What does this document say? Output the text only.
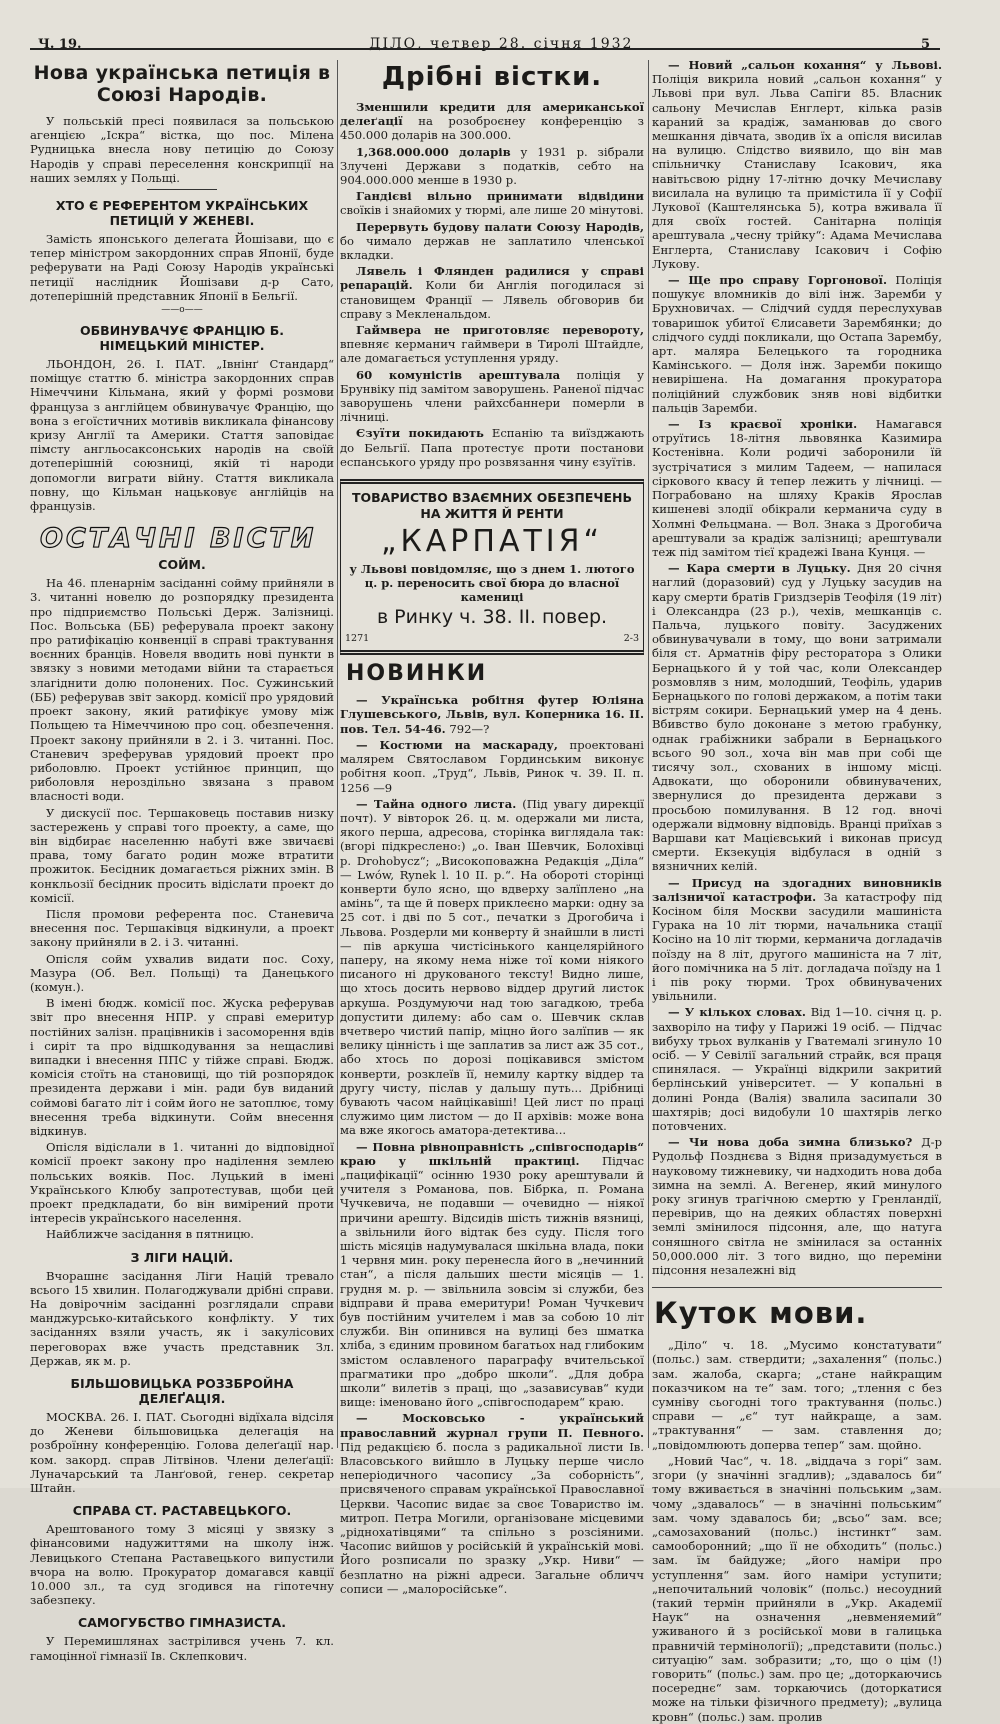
Ч. 19.	ДІЛО, четвер 28. січня 1932	5
Нова українська петиція в Союзі Народів.

У польській пресі появилася за польською агенцією „Іскра“ вістка, що пос. Мілена Рудницька внесла нову петицію до Союзу Народів у справі переселення конскрипції на наших землях у Польщі.

ХТО Є РЕФЕРЕНТОМ УКРАЇНСЬКИХ ПЕТИЦІЙ У ЖЕНЕВІ.

Замість японського делегата Йошізави, що є тепер міністром закордонних справ Японії, буде реферувати на Раді Союзу Народів українські петиції наслідник Йошізави д-р Сато, дотеперішній представник Японії в Бельгії.

——o——
ОБВИНУВАЧУЄ ФРАНЦІЮ Б. НІМЕЦЬКИЙ МІНІСТЕР.

ЛЬОНДОН, 26. І. ПАТ. „Івнінґ Стандард“ поміщує статтю б. міністра закордонних справ Німеччини Кільмана, який у формі розмови француза з англійцем обвинувачує Францію, що вона з егоїстичних мотивів викликала фінансову кризу Англії та Америки. Стаття заповідає пімсту англьосаксонських народів на своїй дотеперішній союзниці, якій ті народи допомогли виграти війну. Стаття викликала повну, що Кільман нацьковує англійців на французів.

ОСТАЧНІ ВІСТИ
СОЙМ.

На 46. пленарнім засіданні сойму прийняли в 3. читанні новелю до розпорядку президента про підприємство Польські Держ. Залізниці. Пос. Вольська (ББ) реферувала проект закону про ратифікацію конвенції в справі трактування воєнних бранців. Новеля вводить нові пункти в звязку з новими методами війни та старається злагіднити долю полонених. Пос. Сужинський (ББ) реферував звіт закорд. комісії про урядовий проект закону, який ратифікує умову між Польщею та Німеччиною про соц. обезпечення. Проект закону прийняли в 2. і 3. читанні. Пос. Станевич зреферував урядовий проект про риболовлю. Проект устійнює принцип, що риболовля нероздільно звязана з правом власності води.

У дискусії пос. Тершаковець поставив низку застережень у справі того проекту, а саме, що він відбирає населенню набуті вже звичаєві права, тому багато родин може втратити прожиток. Бесідник домагається ріжних змін. В конкльозії бесідник просить відіслати проект до комісії.

Після промови референта пос. Станевича внесення пос. Тершаківця відкинули, а проект закону прийняли в 2. і 3. читанні.

Опісля сойм ухвалив видати пос. Соху, Мазура (Об. Вел. Польщі) та Данецького (комун.).

В імені бюдж. комісії пос. Жуска реферував звіт про внесення НПР. у справі емеритур постійних залізн. працівників і засоморення вдів і сиріт та про відшкодування за нещасливі випадки і внесення ППС у тійже справі. Бюдж. комісія стоїть на становищі, що тій розпорядок президента держави і мін. ради був виданий соймові багато літ і сойм його не затоплює, тому внесення треба відкинути. Сойм внесення відкинув.

Опісля відіслали в 1. читанні до відповідної комісії проект закону про наділення землею польських вояків. Пос. Луцький в імені Українського Клюбу запротестував, щоби цей проект предкладати, бо він вимірений проти інтересів українського населення.

Найближче засідання в пятницю.

З ЛІГИ НАЦІЙ.

Вчорашнє засідання Ліги Націй тревало всього 15 хвилин. Полагоджували дрібні справи. На довірочнім засіданні розглядали справи манджурсько-китайського конфлікту. У тих засіданнях взяли участь, як і закулісових переговорах вже участь представник Зл. Держав, як м. р.

БІЛЬШОВИЦЬКА РОЗЗБРОЙНА ДЕЛЕҐАЦІЯ.

МОСКВА. 26. І. ПАТ. Сьогодні відїхала відсіля до Женеви більшовицька делегація на розброїнну конференцію. Голова делеґації нар. ком. закорд. справ Літвінов. Члени делеґації: Луначарський та Ланґовой, генер. секретар Штайн.

СПРАВА СТ. РАСТАВЕЦЬКОГО.

Арештованого тому 3 місяці у звязку з фінансовими надужиттями на школу інж. Левицького Степана Раставецького випустили вчора на волю. Прокуратор домагався кавції 10.000 зл., та суд згодився на гіпотечну забезпеку.

САМОГУБСТВО ГІМНАЗИСТА.

У Перемишлянах застрілився учень 7. кл. гамоцінної гімназії Ів. Склепкович.

Дрібні вістки.

Зменшили кредити для американської делеґації на розоброєнеу конференцію з 450.000 доларів на 300.000.

1,368.000.000 доларів у 1931 р. зібрали Злучені Держави з податків, себто на 904.000.000 менше в 1930 р.

Гандієві вільно принимати відвідини своїків і знайомих у тюрмі, але лише 20 мінутові.

Перервуть будову палати Союзу Народів, бо чимало держав не заплатило членської вкладки.

Лявель і Флянден радилися у справі репарацій. Коли би Англія погодилася зі становищем Франції — Лявель обговорив би справу з Мекленальдом.

Гаймвера не приготовляє перевороту, впевняє керманич гаймвери в Тиролі Штайдле, але домагається уступлення уряду.

60 комуністів арештувала поліція у Брунвіку під замітом заворушень. Раненої підчас заворушень члени райхсбаннери померли в лічниці.

Єзуїти покидають Еспанію та виїзджають до Бельгії. Папа протестує проти постанови еспанського уряду про розвязання чину єзуїтів.

ТОВАРИСТВО ВЗАЄМНИХ ОБЕЗПЕЧЕНЬ НА ЖИТТЯ Й РЕНТИ
„КАРПАТІЯ“
у Львові повідомляє, що з днем 1. лютого ц. р. переносить свої бюра до власної камениці
в Ринку ч. 38. II. повер.
1271	2-3
НОВИНКИ

— Українська робітня футер Юліяна Глушевського, Львів, вул. Коперника 16. II. пов. Тел. 54-46. 792—?

— Костюми на маскараду, проектовані малярем Святославом Гординським виконує робітня кооп. „Труд“, Львів, Ринок ч. 39. II. п. 1256 —9

— Тайна одного листа. (Під увагу дирекції почт). У вівторок 26. ц. м. одержали ми листа, якого перша, адресова, сторінка виглядала так: (вгорі підкреслено:) „о. Іван Шевчик, Болохівці p. Drohobycz“; „Високоповажна Редакція „Діла“ — Lwów, Rynek l. 10 II. p.“. На обороті сторінці конверти було ясно, що вдверху залїплено „на амінь“, та ще й поверх приклеєно марки: одну за 25 сот. і дві по 5 сот., печатки з Дрогобича і Львова. Роздерли ми конверту й знайшли в листі — пів аркуша чистісінького канцелярійного паперу, на якому нема ніже тої коми ніякого писаного ні друкованого тексту! Видно лише, що хтось досить нервово віддер другий листок аркуша. Роздумуючи над тою загадкою, треба допустити дилему: або сам о. Шевчик склав вчетверо чистий папір, міцно його залїпив — як велику цінність і ще заплатив за лист аж 35 сот., або хтось по дорозі поцікавився змістом конверти, розклеїв її, немилу картку віддер та другу чисту, післав у дальшу путь... Дрібниці бувають часом найцікавіші! Цей лист по праці служимо цим листом — до II архівів: може вона ма вже якогось аматора-детектива...

— Повна рівноправність „співгосподарів“ краю у шкільній практиці. Підчас „пацифікації“ осінню 1930 року арештували й учителя з Романова, пов. Бібрка, п. Романа Чучкевича, не подавши — очевидно — ніякої причини арешту. Відсидів шість тижнів вязниці, а звільнили його відтак без суду. Після того шість місяців надумувалася шкільна влада, поки 1 червня мин. року перенесла його в „нечинний стан“, а після дальших шести місяців — 1. грудня м. р. — звільнила зовсім зі служби, без відправи й права емеритури! Роман Чучкевич був постійним учителем і мав за собою 10 літ служби. Він опинився на вулиці без шматка хліба, з єдиним провином багатьох над глибоким змістом ославленого параграфу вчительської прагматики про „добро школи“. „Для добра школи“ вилетів з праці, що „зазависував“ куди вище: іменовано його „співгосподарем“ краю.

— Московсько - український православний журнал групи П. Певного. Під редакцією б. посла з радикальної листи Ів. Власовського вийшло в Луцьку перше число неперіодичного часопису „За соборність“, присвяченого справам української Православної Церкви. Часопис видає за своє Товариство ім. митроп. Петра Могили, організоване місцевими „ріднохатівцями“ та спільно з розсіяними. Часопис вийшов у російській й українській мові. Його розписали по зразку „Укр. Ниви“ — безплатно на ріжні адреси. Загальне обличч сописи — „малоросійське“.

— Новий „сальон кохання“ у Львові. Поліція викрила новий „сальон кохання“ у Львові при вул. Льва Сапіги 85. Власник сальону Мечислав Енглерт, кілька разів караний за крадіж, заманював до свого мешкання дівчата, зводив їх а опісля висилав на вулицю. Слідство виявило, що він мав спільничку Станиславу Ісакович, яка навітьсвою рідну 17-літню дочку Мечиславу висилала на вулицю та примістила її у Софії Лукової (Каштелянська 5), котра вживала її для своїх гостей. Санітарна поліція арештувала „чесну трійку“: Адама Мечислава Енглерта, Станиславу Ісакович і Софію Лукову.

— Ще про справу Горгонової. Поліція пошукує вломників до вілі інж. Заремби у Брухновичах. — Слідчий суддя переслухував товаришок убитої Єлисавети Зарембянки; до слідчого судді покликали, що Остапа Зарембу, арт. маляра Белецького та городника Камінського. — Доля інж. Заремби покищо невирішена. На домагання прокуратора поліційний службовик зняв нові відбитки пальців Заремби.

— Із краєвої хроніки. Намагався отруїтись 18-літня львовянка Казимира Костенівна. Коли родичі заборонили їй зустрічатися з милим Тадеем, — напилася сіркового квасу й тепер лежить у лічниці. — Пограбовано на шляху Краків Ярослав кишеневі злодії обікрали керманича суду в Холмні Фельцмана. — Вол. Знака з Дрогобича арештували за крадіж залізниці; арештували теж під замітом тієї крадежі Івана Кунця. —

— Кара смерти в Луцьку. Дня 20 січня наглий (доразовий) суд у Луцьку засудив на кару смерти братів Гриздзерів Теофіля (19 літ) і Олександра (23 р.), чехів, мешканців с. Пальча, луцького повіту. Засуджених обвинувачували в тому, що вони затримали біля ст. Арматнів фіру ресторатора з Олики Бернацького й у той час, коли Олександер розмовляв з ним, молодший, Теофіль, ударив Бернацького по голові держаком, а потім таки вістрям сокири. Бернацький умер на 4 день. Вбивство було доконане з метою грабунку, однак грабіжники забрали в Бернацького всього 90 зол., хоча він мав при собі ще тисячу зол., схованих в іншому місці. Адвокати, що оборонили обвинувачених, звернулися до президента держави з просьбою помилування. В 12 год. вночі одержали відмовну відповідь. Вранці приїхав з Варшави кат Мацієвський і виконав присуд смерти. Екзекуція відбулася в одній з вязничних келій.

— Присуд на здогадних виновників залізничої катастрофи. За катастрофу під Косіном біля Москви засудили машиніста Гурака на 10 літ тюрми, начальника стації Косіно на 10 літ тюрми, керманича догладачів поїзду на 8 літ, другого машиніста на 7 літ, його помічника на 5 літ. догладача поїзду на 1 і пів року тюрми. Трох обвинувачених увільнили.

— У кількох словах. Від 1—10. січня ц. р. захворіло на тифу у Парижі 19 осіб. — Підчас вибуху трьох вулканів у Гватемалі згинуло 10 осіб. — У Севілії загальний страйк, вся праця спинялася. — Українці відкрили закритий берлінський університет. — У копальні в долині Ронда (Валія) звалила засипали 30 шахтярів; досі видобули 10 шахтярів легко потовчених.

— Чи нова доба зимна близько? Д-р Рудольф Позднєва з Відня призадумується в науковому тижневику, чи надходить нова доба зимна на землі. А. Вегенер, який минулого року згинув трагічною смертю у Гренландії, перевірив, що на деяких областях поверхні землі змінилося підсоння, але, що натуга соняшного світла не змінилася за останніх 50,000.000 літ. З того видно, що переміни підсоння незалежні від

Куток мови.

„Діло“ ч. 18. „Мусимо констатувати“ (польс.) зам. ствердити; „захалення“ (польс.) зам. жалоба, скарга; „стане найкращим показчиком на те“ зам. того; „тлення с без сумніву сьогодні того трактування (польс.) справи — „є“ тут найкраще, а зам. „трактування“ — зам. ставлення до; „повідомлюють доперва тепер“ зам. щойно.

„Новий Час“, ч. 18. „віддача з горі“ зам. згори (у значінні згадлив); „здавалось би“ тому вживається в значінні польським „зам. чому „здавалось“ — в значінні польським“ зам. чому здавалось би; „всьо“ зам. все; „самозахований (польс.) інстинкт“ зам. самооборонний; „що її не обходить“ (польс.) зам. їм байдуже; „його наміри про уступлення“ зам. його наміри уступити; „непочитальний чоловік“ (польс.) несоудний (такий термін прийняли в „Укр. Академії Наук“ на означення „невменяемий“ уживаного й з російської мови в галицька правничій термінології); „представити (польс.) ситуацію“ зам. зобразити; „то, що о цім (!) говорить“ (польс.) зам. про це; „доторкаючись посереднє“ зам. торкаючись (доторкатися може на тільки фізичного предмету); „вулица кровн“ (польс.) зам. пролив
